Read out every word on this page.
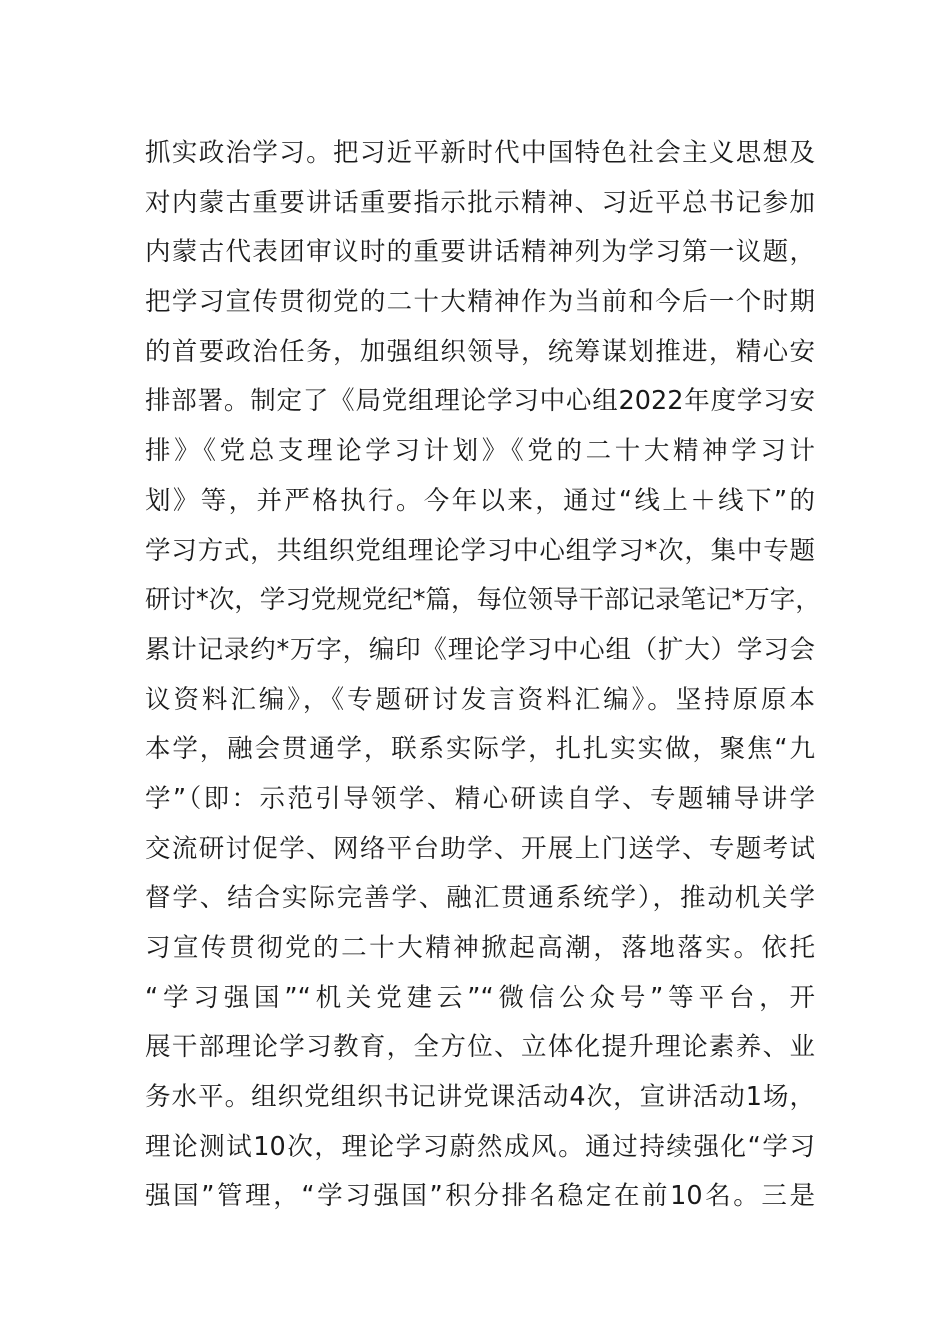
抓实政治学习。把习近平新时代中国特色社会主义思想及
对内蒙古重要讲话重要指示批示精神、习近平总书记参加
内蒙古代表团审议时的重要讲话精神列为学习第一议题，
把学习宣传贯彻党的二十大精神作为当前和今后一个时期
的首要政治任务，加强组织领导，统筹谋划推进，精心安
排部署。制定了《局党组理论学习中心组2022年度学习安
排》《党总支理论学习计划》《党的二十大精神学习计
划》等，并严格执行。今年以来，通过“线上＋线下”的
学习方式，共组织党组理论学习中心组学习*次，集中专题
研讨*次，学习党规党纪*篇，每位领导干部记录笔记*万字，
累计记录约*万字，编印《理论学习中心组（扩大）学习会
议资料汇编》，《专题研讨发言资料汇编》。坚持原原本
本学，融会贯通学，联系实际学，扎扎实实做，聚焦“九
学”（即：示范引导领学、精心研读自学、专题辅导讲学
交流研讨促学、网络平台助学、开展上门送学、专题考试
督学、结合实际完善学、融汇贯通系统学），推动机关学
习宣传贯彻党的二十大精神掀起高潮，落地落实。依托
“学习强国”“机关党建云”“微信公众号”等平台，开
展干部理论学习教育，全方位、立体化提升理论素养、业
务水平。组织党组织书记讲党课活动4次，宣讲活动1场，
理论测试10次，理论学习蔚然成风。通过持续强化“学习
强国”管理，“学习强国”积分排名稳定在前10名。三是
